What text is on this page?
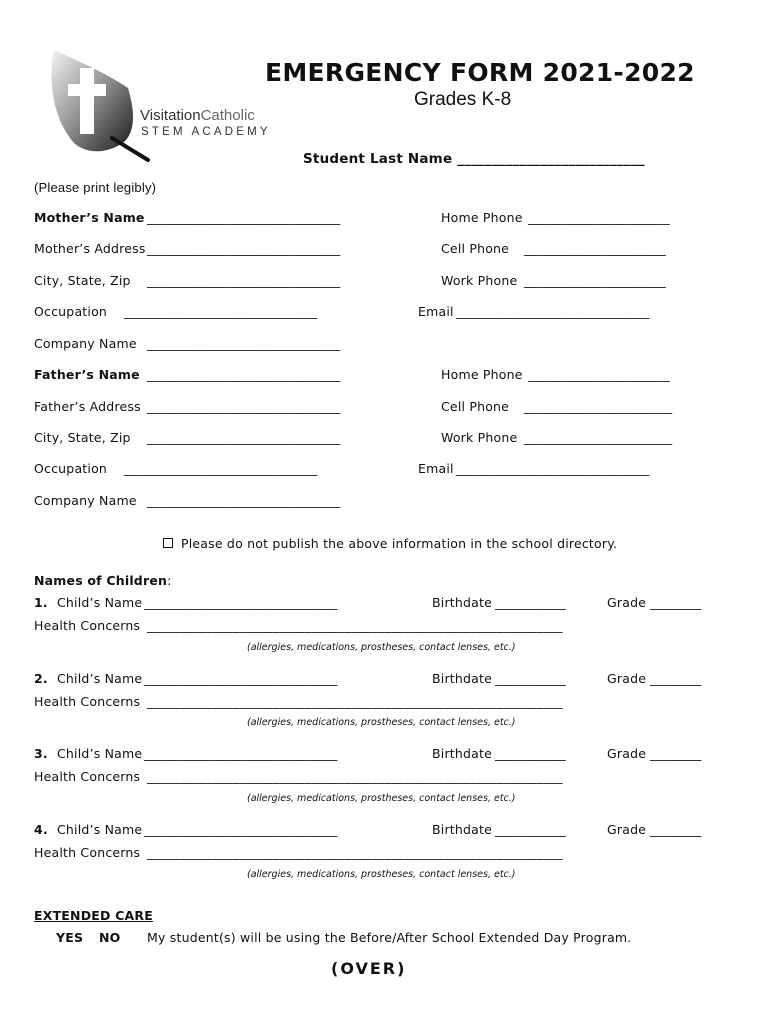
VisitationCatholic
STEM ACADEMY
EMERGENCY FORM 2021-2022
Grades K-8
Student Last Name ___________________________
(Please print legibly)
Mother’s Name ______________________________	Home Phone ______________________
Mother’s Address ______________________________	Cell Phone ______________________
City, State, Zip ______________________________	Work Phone ______________________
Occupation ______________________________	Email ______________________________
Company Name ______________________________
Father’s Name ______________________________	Home Phone ______________________
Father’s Address ______________________________	Cell Phone _______________________
City, State, Zip ______________________________	Work Phone _______________________
Occupation ______________________________	Email ______________________________
Company Name ______________________________
Please do not publish the above information in the school directory.
Names of Children:
1. Child’s Name ______________________________	Birthdate ___________	Grade ________
Health Concerns _______________________________________________________________
(allergies, medications, prostheses, contact lenses, etc.)
2. Child’s Name ______________________________	Birthdate ___________	Grade ________
Health Concerns _______________________________________________________________
(allergies, medications, prostheses, contact lenses, etc.)
3. Child’s Name ______________________________	Birthdate ___________	Grade ________
Health Concerns _______________________________________________________________
(allergies, medications, prostheses, contact lenses, etc.)
4. Child’s Name ______________________________	Birthdate ___________	Grade ________
Health Concerns _______________________________________________________________
(allergies, medications, prostheses, contact lenses, etc.)
EXTENDED CARE
YES NO My student(s) will be using the Before/After School Extended Day Program.
(OVER)
